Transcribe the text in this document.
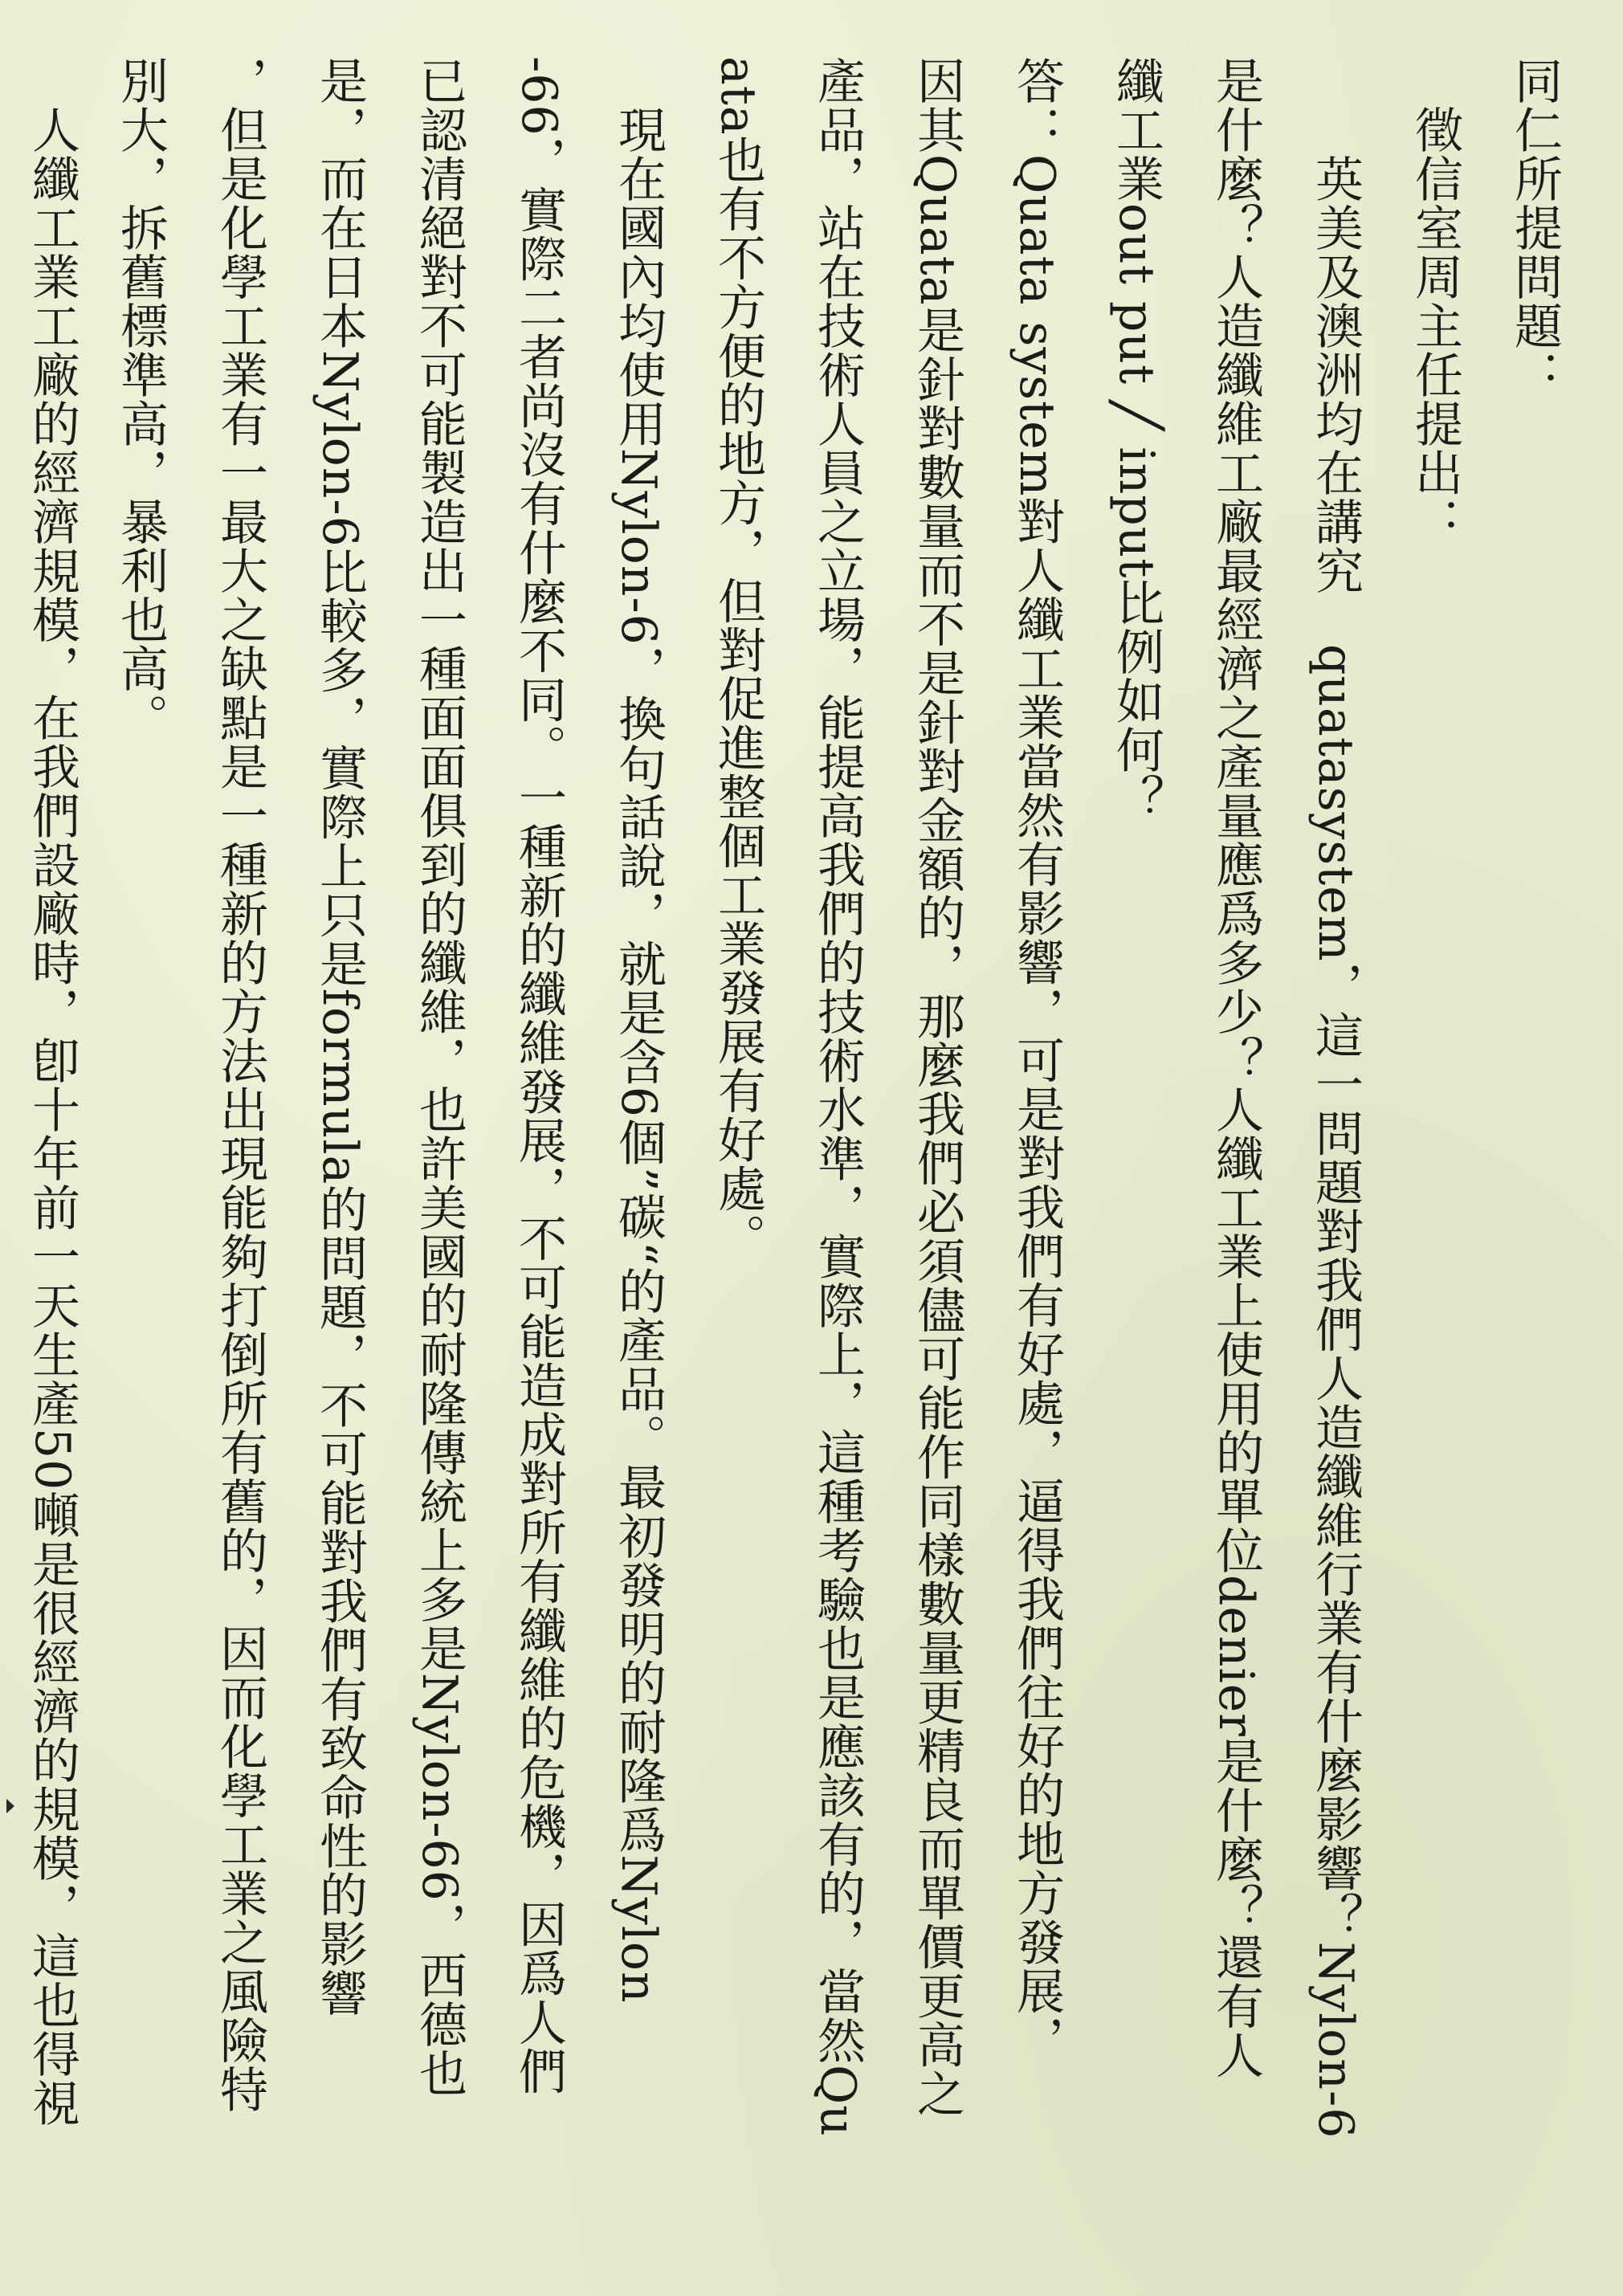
同仁所提問題：
　徵信室周主任提出：
　　英美及澳洲均在講究　quatasystem，這一問題對我們人造纖維行業有什麼影響？Nylon-6
是什麼？人造纖維工廠最經濟之產量應爲多少？人纖工業上使用的單位denier是什麼？還有人
纖工業out put ╱ input比例如何？
答：Quata system對人纖工業當然有影響，可是對我們有好處，逼得我們往好的地方發展，
因其Quata是針對數量而不是針對金額的，那麼我們必須儘可能作同樣數量更精良而單價更高之
產品，站在技術人員之立場，能提高我們的技術水準，實際上，這種考驗也是應該有的，當然Qu
ata也有不方便的地方，但對促進整個工業發展有好處。
　現在國內均使用Nylon-6，換句話說，就是含6個”碳“的產品。最初發明的耐隆爲Nylon
-66，實際二者尚沒有什麼不同。一種新的纖維發展，不可能造成對所有纖維的危機，因爲人們
已認清絕對不可能製造出一種面面俱到的纖維，也許美國的耐隆傳統上多是Nylon-66，西德也
是，而在日本Nylon-6比較多，實際上只是formula的問題，不可能對我們有致命性的影響
，但是化學工業有一最大之缺點是一種新的方法出現能夠打倒所有舊的，因而化學工業之風險特
別大，拆舊標準高，暴利也高。
　人纖工業工廠的經濟規模，在我們設廠時，卽十年前一天生產50噸是很經濟的規模，這也得視
